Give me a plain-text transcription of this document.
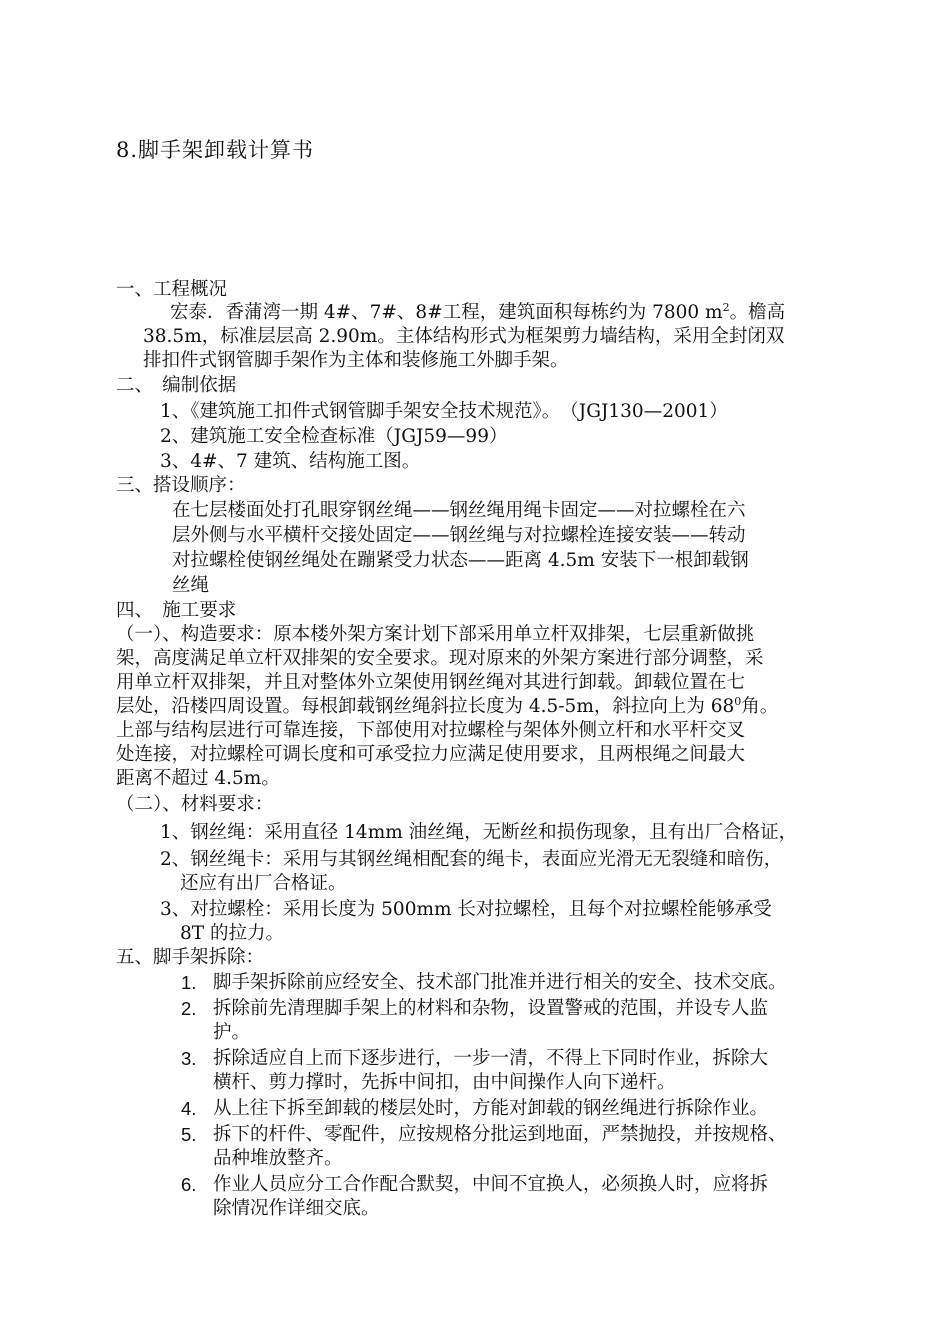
8.脚手架卸载计算书
一、工程概况
宏泰．香蒲湾一期 4#、7#、8#工程，建筑面积每栋约为 7800 $m^2$。檐高
38.5m，标准层层高 2.90m。主体结构形式为框架剪力墙结构，采用全封闭双
排扣件式钢管脚手架作为主体和装修施工外脚手架。
二、　编制依据
1、《建筑施工扣件式钢管脚手架安全技术规范》。　（JGJ130—2001）
2、建筑施工安全检查标准（JGJ59—99）
3、4#、7 建筑、结构施工图。
三、搭设顺序：
在七层楼面处打孔眼穿钢丝绳——钢丝绳用绳卡固定——对拉螺栓在六
层外侧与水平横杆交接处固定——钢丝绳与对拉螺栓连接安装——转动
对拉螺栓使钢丝绳处在蹦紧受力状态——距离 4.5m 安装下一根卸载钢
丝绳
四、　施工要求
（一）、构造要求：原本楼外架方案计划下部采用单立杆双排架，七层重新做挑
架，高度满足单立杆双排架的安全要求。现对原来的外架方案进行部分调整，采
用单立杆双排架，并且对整体外立架使用钢丝绳对其进行卸载。卸载位置在七
层处，沿楼四周设置。每根卸载钢丝绳斜拉长度为 4.5-5m，斜拉向上为 $68^0$角。
上部与结构层进行可靠连接，下部使用对拉螺栓与架体外侧立杆和水平杆交叉
处连接，对拉螺栓可调长度和可承受拉力应满足使用要求，且两根绳之间最大
距离不超过 4.5m。
（二）、材料要求：
1、钢丝绳：采用直径 14mm 油丝绳，无断丝和损伤现象，且有出厂合格证，
2、钢丝绳卡：采用与其钢丝绳相配套的绳卡，表面应光滑无无裂缝和暗伤，
还应有出厂合格证。
3、对拉螺栓：采用长度为 500mm 长对拉螺栓，且每个对拉螺栓能够承受
8T 的拉力。
五、脚手架拆除：
1. 脚手架拆除前应经安全、技术部门批准并进行相关的安全、技术交底。
2. 拆除前先清理脚手架上的材料和杂物，设置警戒的范围，并设专人监
护。
3. 拆除适应自上而下逐步进行，一步一清，不得上下同时作业，拆除大
横杆、剪力撑时，先拆中间扣，由中间操作人向下递杆。
4. 从上往下拆至卸载的楼层处时，方能对卸载的钢丝绳进行拆除作业。
5. 拆下的杆件、零配件，应按规格分批运到地面，严禁抛投，并按规格、
品种堆放整齐。
6. 作业人员应分工合作配合默契，中间不宜换人，必须换人时，应将拆
除情况作详细交底。
